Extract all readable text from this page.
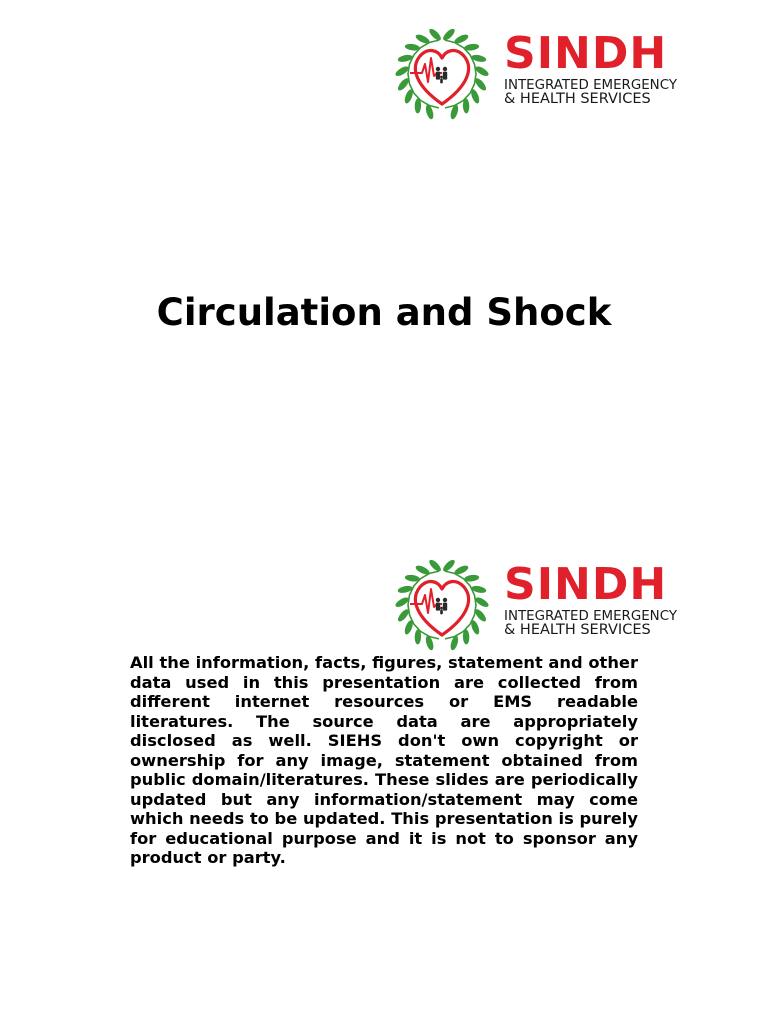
SINDH
INTEGRATED EMERGENCY
& HEALTH SERVICES
Circulation and Shock
SINDH
INTEGRATED EMERGENCY
& HEALTH SERVICES
All the information, facts, figures, statement and other data used in this presentation are collected from different internet resources or EMS readable literatures. The source data are appropriately disclosed as well. SIEHS don't own copyright or ownership for any image, statement obtained from public domain/literatures. These slides are periodically updated but any information/statement may come which needs to be updated. This presentation is purely for educational purpose and it is not to sponsor any product or party.
